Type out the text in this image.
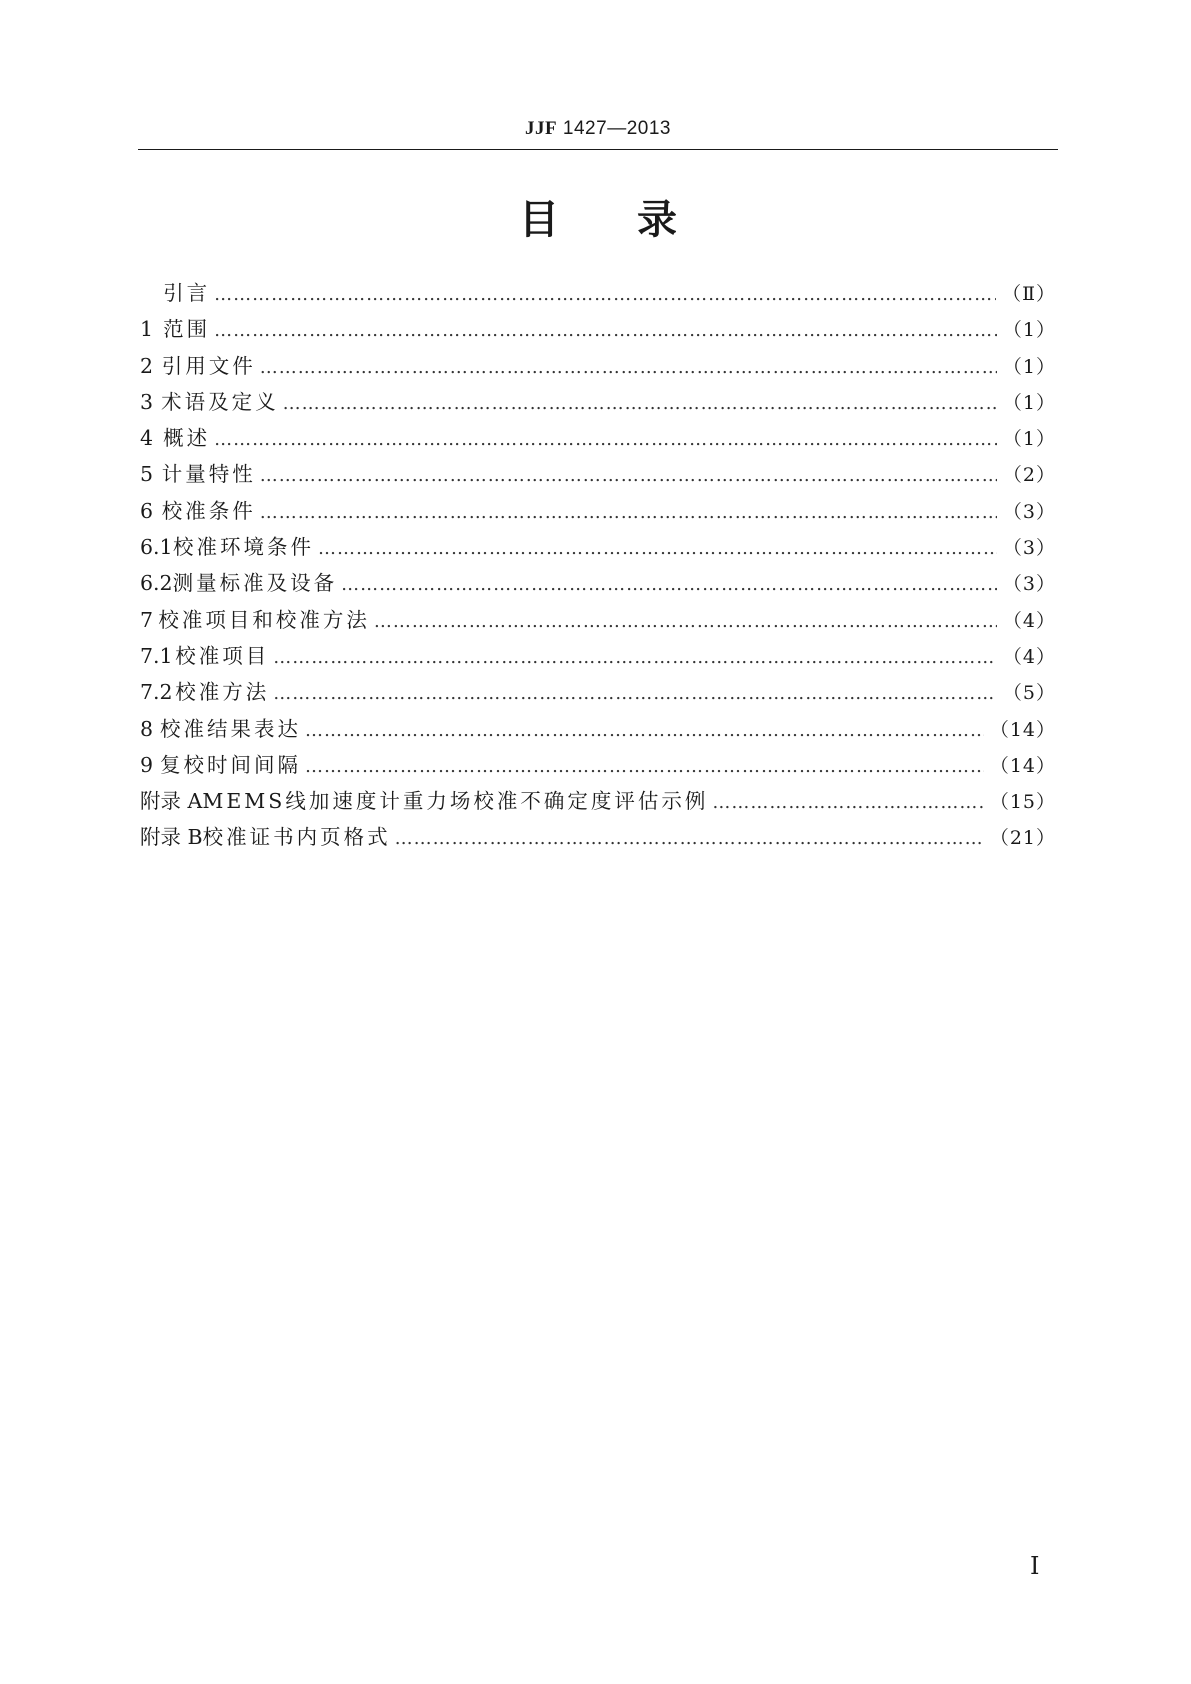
JJF 1427—2013
目 录
引言 ………………………………………………………………………………………………………………………………………………………………………………	（Ⅱ）
1 范围 ………………………………………………………………………………………………………………………………………………………………………………	（1）
2 引用文件 ………………………………………………………………………………………………………………………………………………………………………………	（1）
3 术语及定义 ………………………………………………………………………………………………………………………………………………………………………………	（1）
4 概述 ………………………………………………………………………………………………………………………………………………………………………………	（1）
5 计量特性 ………………………………………………………………………………………………………………………………………………………………………………	（2）
6 校准条件 ………………………………………………………………………………………………………………………………………………………………………………	（3）
6.1 校准环境条件 ………………………………………………………………………………………………………………………………………………………………………………	（3）
6.2 测量标准及设备 ………………………………………………………………………………………………………………………………………………………………………………	（3）
7 校准项目和校准方法 ………………………………………………………………………………………………………………………………………………………………………………	（4）
7.1 校准项目 ………………………………………………………………………………………………………………………………………………………………………………	（4）
7.2 校准方法 ………………………………………………………………………………………………………………………………………………………………………………	（5）
8 校准结果表达 ………………………………………………………………………………………………………………………………………………………………………………	（14）
9 复校时间间隔 ………………………………………………………………………………………………………………………………………………………………………………	（14）
附录 A MEMS线加速度计重力场校准不确定度评估示例 ………………………………………………………………………………………………………………………………………………………………………………	（15）
附录 B 校准证书内页格式 ………………………………………………………………………………………………………………………………………………………………………………	（21）
Ⅰ
